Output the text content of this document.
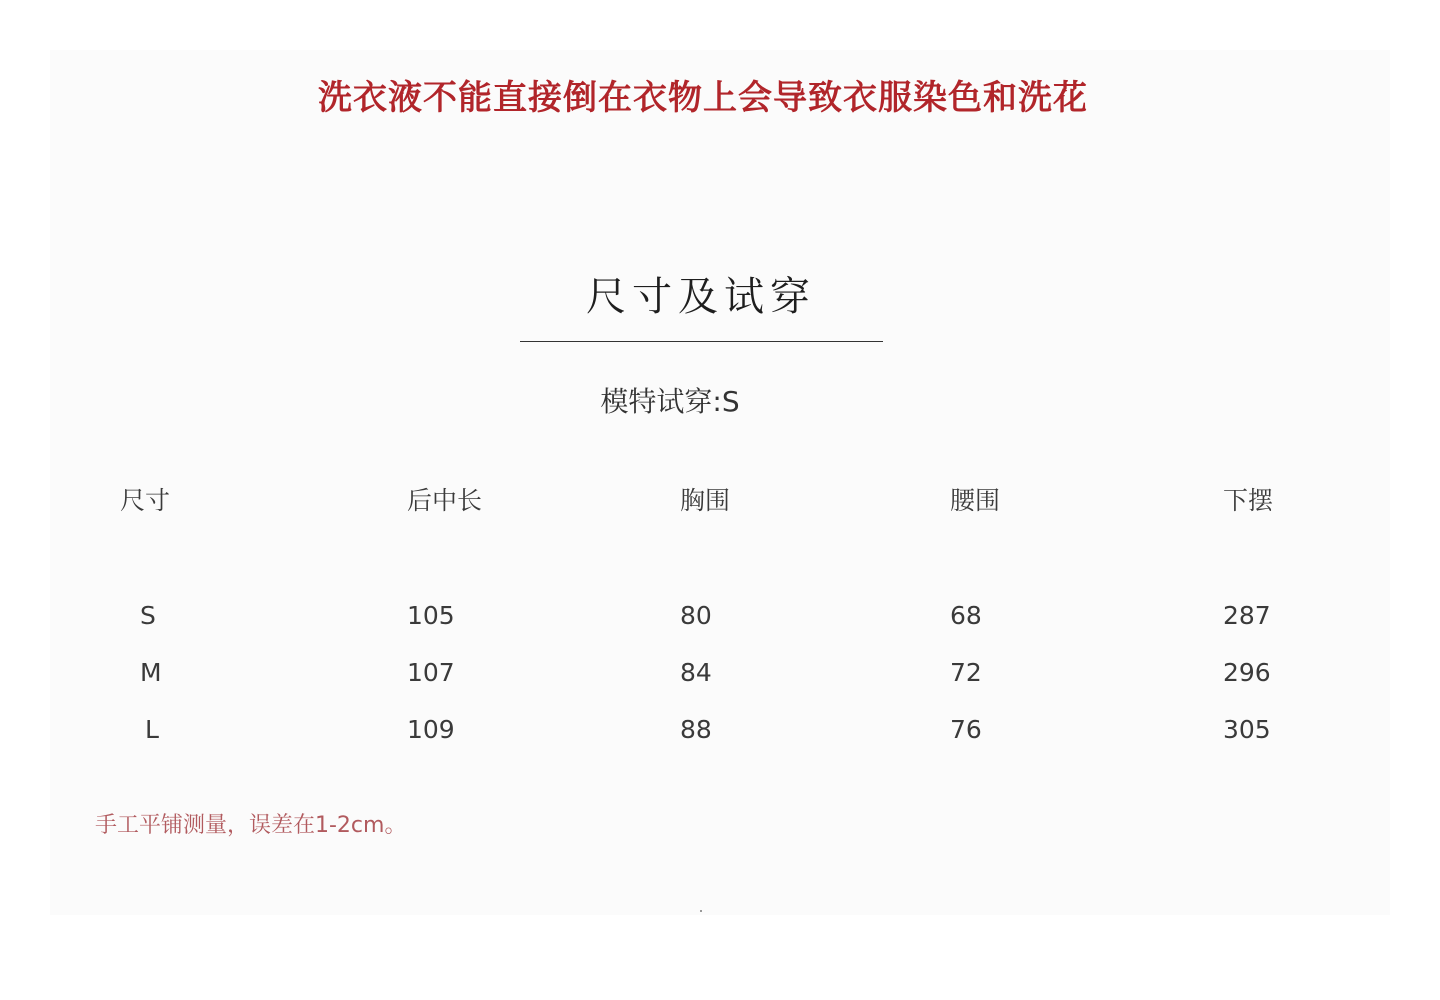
洗衣液不能直接倒在衣物上会导致衣服染色和洗花
尺寸及试穿
模特试穿:S
尺寸	后中长	胸围	腰围	下摆
S	105	80	68	287
M	107	84	72	296
L	109	88	76	305
手工平铺测量，误差在1-2cm。
